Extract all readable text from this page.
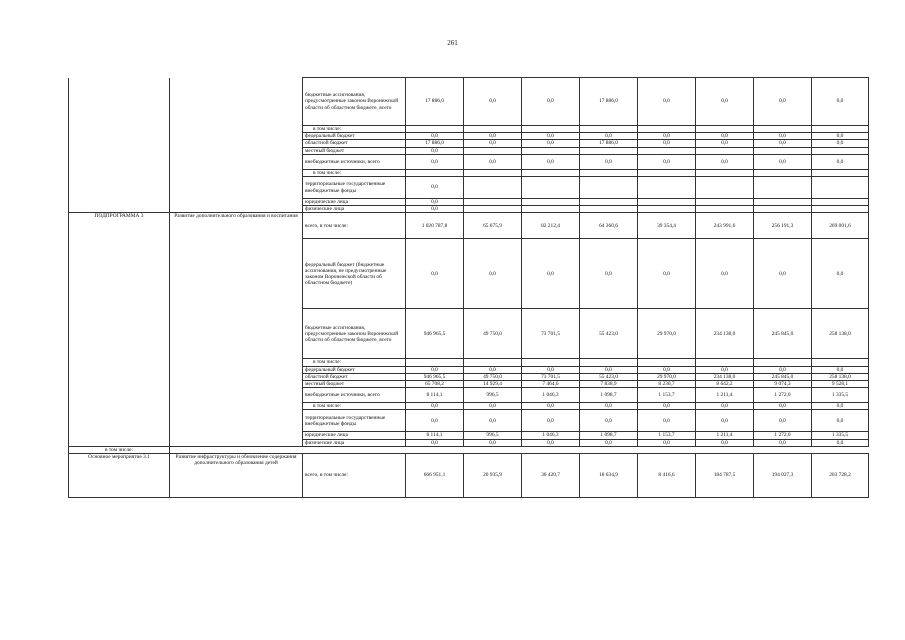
261
		бюджетные ассигнования, предусмотренные законом Воронежской области об областном бюджете, всего	17 886,0	0,0	0,0	17 886,0	0,0	0,0	0,0	0,0
		в том числе:								
		федеральный бюджет	0,0	0,0	0,0	0,0	0,0	0,0	0,0	0,0
		областной бюджет	17 886,0	0,0	0,0	17 886,0	0,0	0,0	0,0	0,0
		местный бюджет	0,0							
		внебюджетные источники, всего	0,0	0,0	0,0	0,0	0,0	0,0	0,0	0,0
		в том числе:								
		территориальные государственные внебюджетные фонды	0,0							
		юридические лица	0,0							
		физические лица	0,0							
ПОДПРОГРАММА 3	Развитие дополнительного образования и воспитания	всего, в том числе:	1 020 787,8	65 675,9	82 212,4	64 360,6	39 354,4	243 991,6	256 191,3	269 001,6
		федеральный бюджет (бюджетные ассигнования, не предусмотренные законом Воронежской области об областном бюджете)	0,0	0,0	0,0	0,0	0,0	0,0	0,0	0,0
		бюджетные ассигнования, предусмотренные законом Воронежской области об областном бюджете, всего	946 965,5	49 750,0	73 701,5	55 423,0	29 970,0	234 138,0	245 845,0	258 138,0
		в том числе:								
		федеральный бюджет	0,0	0,0	0,0	0,0	0,0	0,0	0,0	0,0
		областной бюджет	946 965,5	49 750,0	73 701,5	55 423,0	29 970,0	234 138,0	245 845,0	258 138,0
		местный бюджет	65 708,2	14 929,4	7 464,6	7 838,9	8 230,7	8 642,2	9 074,3	9 528,1
		внебюджетные источники, всего	8 114,1	996,5	1 046,3	1 098,7	1 153,7	1 211,4	1 272,0	1 335,5
		в том числе:	0,0	0,0	0,0	0,0	0,0	0,0	0,0	0,0
		территориальные государственные внебюджетные фонды	0,0	0,0	0,0	0,0	0,0	0,0	0,0	0,0
		юридические лица	8 114,1	996,5	1 046,3	1 098,7	1 153,7	1 211,4	1 272,0	1 335,5
		физические лица	0,0	0,0	0,0	0,0	0,0	0,0	0,0	0,0
в том числе:										
Основное мероприятие 3.1	Развитие инфраструктуры и обновление содержания дополнительного образования детей	всего, в том числе:	666 951,1	20 935,9	36 420,7	18 634,9	8 416,6	184 787,5	194 027,3	203 728,2
